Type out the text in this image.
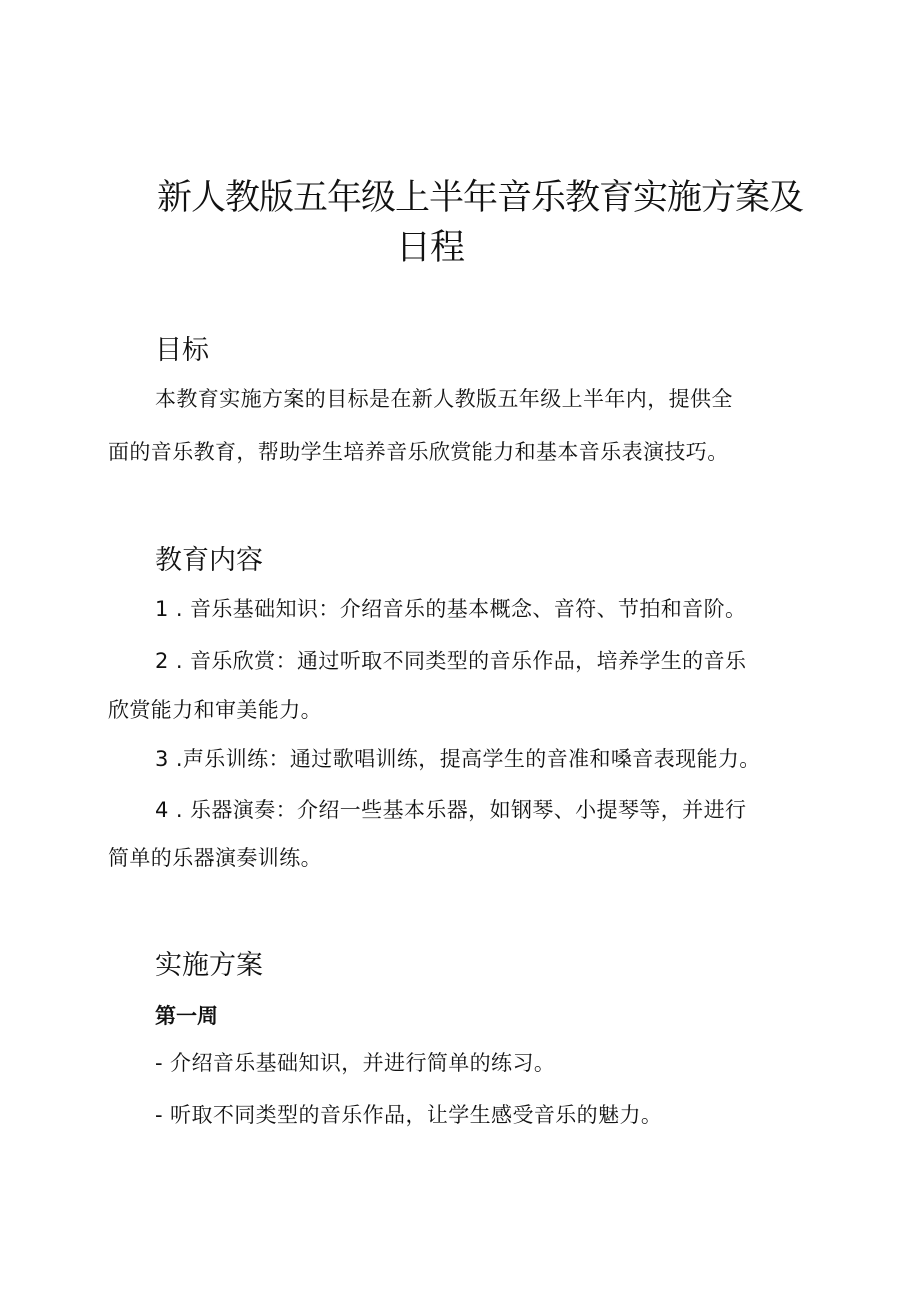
新人教版五年级上半年音乐教育实施方案及
日程
目标

本教育实施方案的目标是在新人教版五年级上半年内，提供全

面的音乐教育，帮助学生培养音乐欣赏能力和基本音乐表演技巧。

教育内容

1 . 音乐基础知识：介绍音乐的基本概念、音符、节拍和音阶。

2 . 音乐欣赏：通过听取不同类型的音乐作品，培养学生的音乐

欣赏能力和审美能力。

3 .声乐训练：通过歌唱训练，提高学生的音准和嗓音表现能力。

4 . 乐器演奏：介绍一些基本乐器，如钢琴、小提琴等，并进行

简单的乐器演奏训练。

实施方案
第一周

- 介绍音乐基础知识，并进行简单的练习。

- 听取不同类型的音乐作品，让学生感受音乐的魅力。
